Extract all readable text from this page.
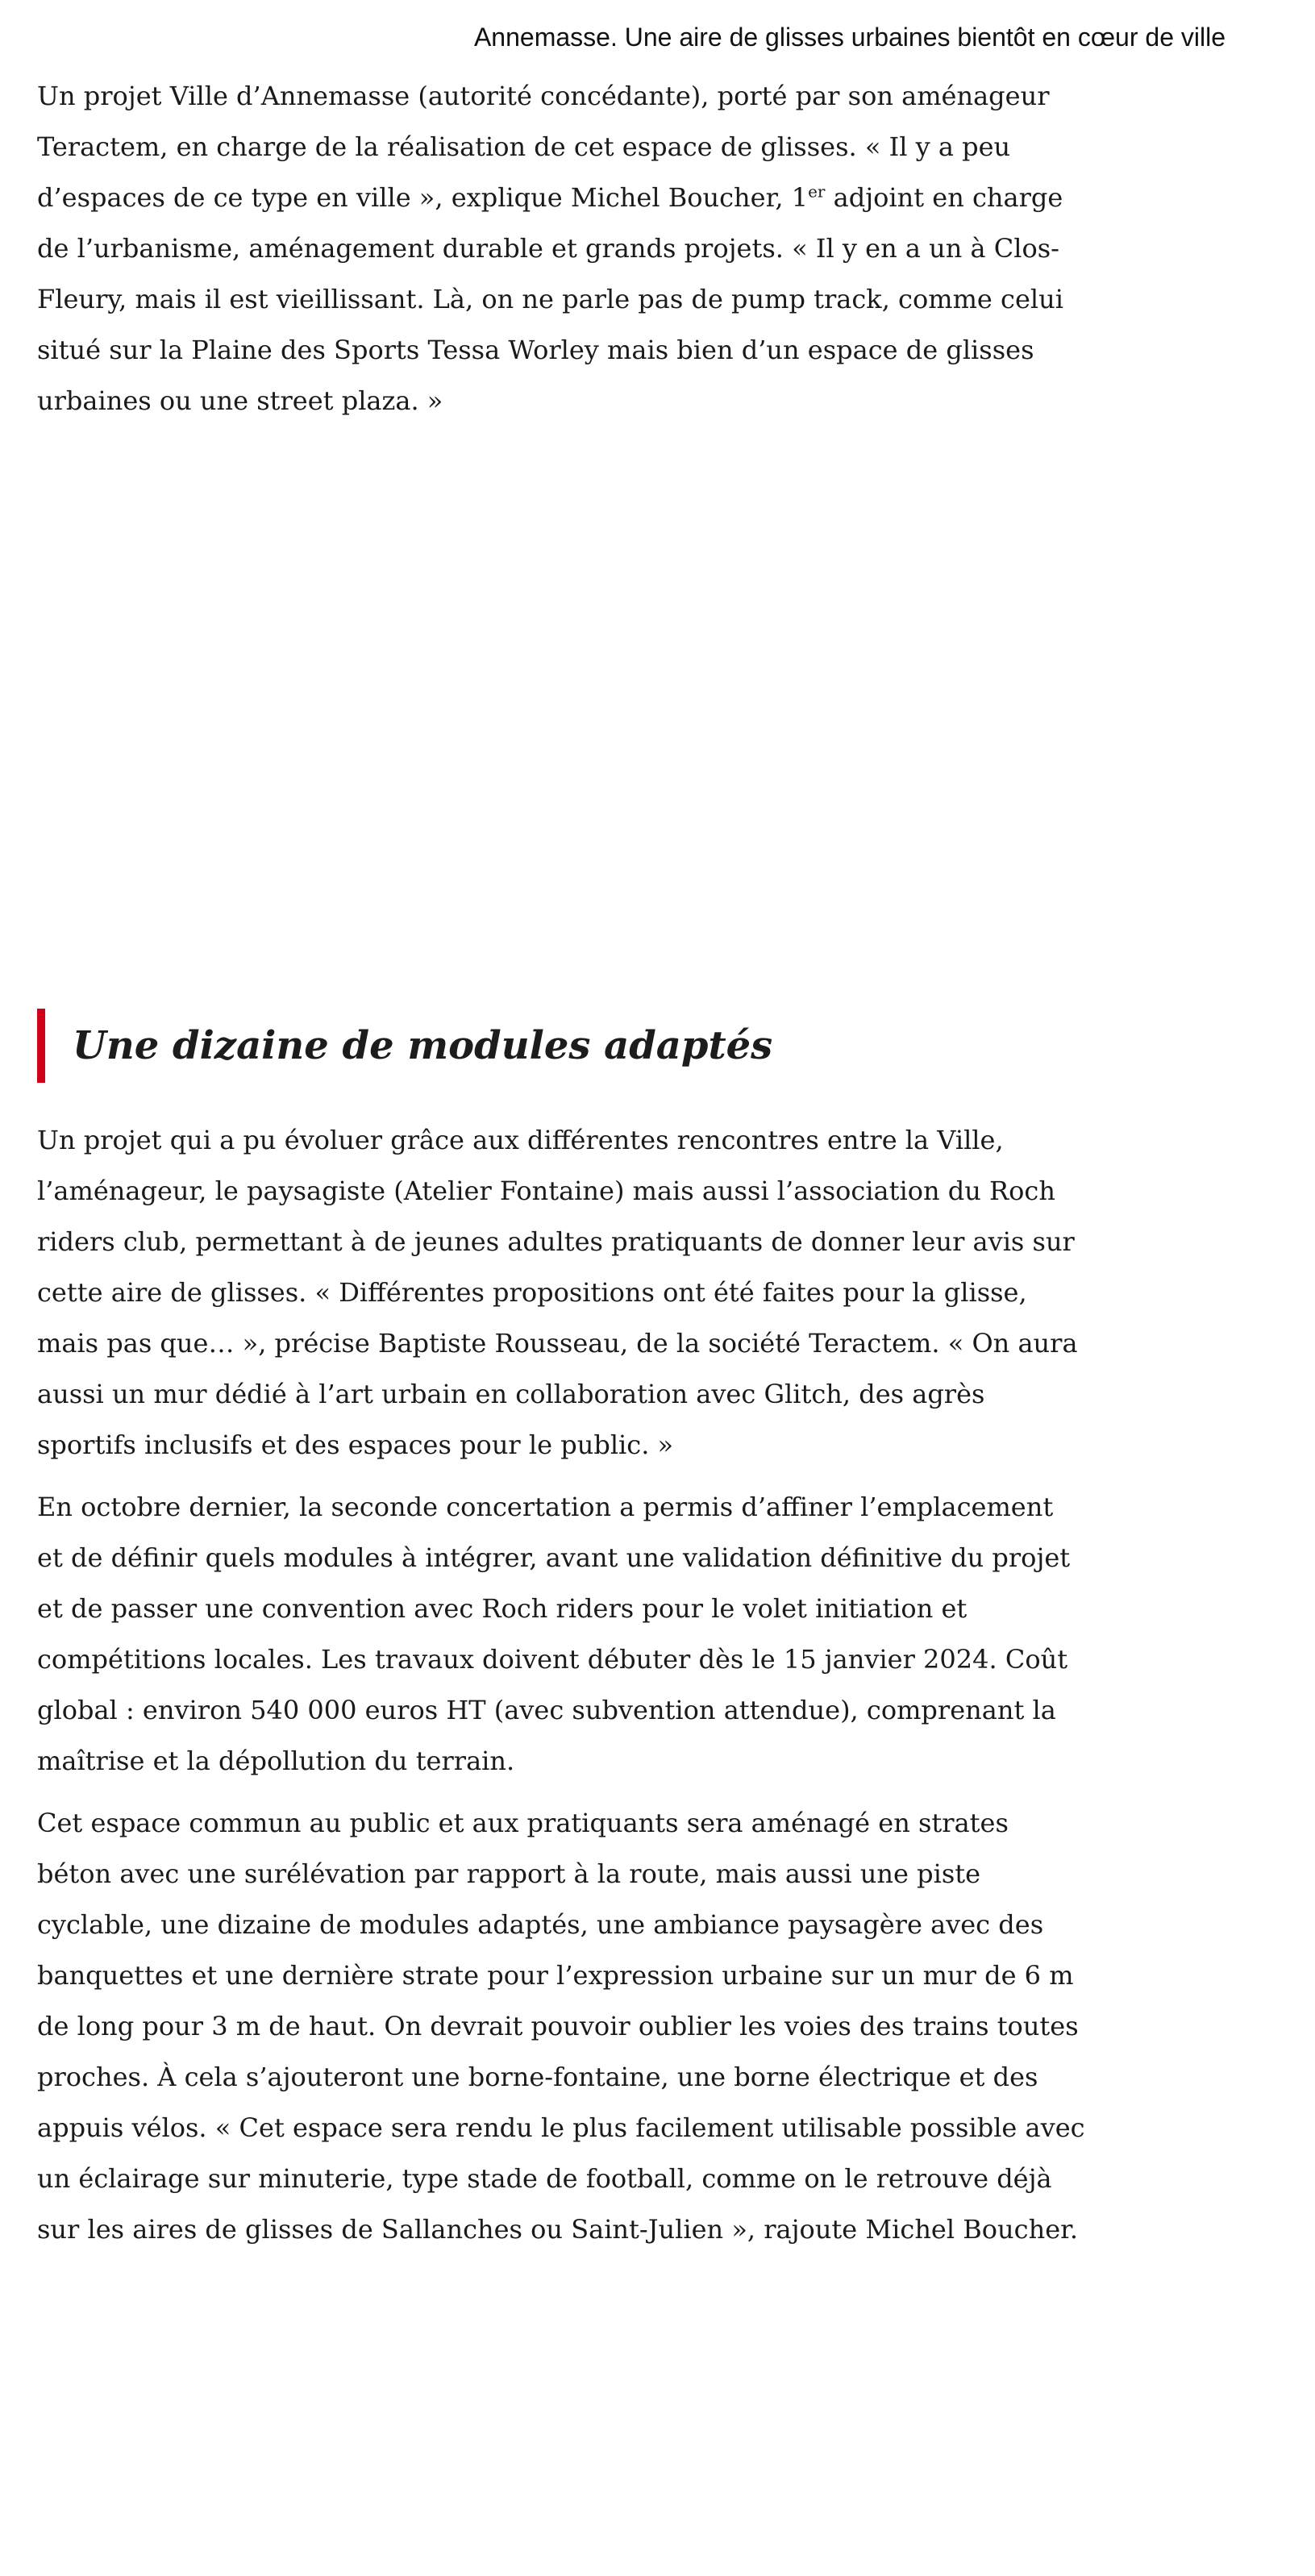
Annemasse. Une aire de glisses urbaines bientôt en cœur de ville

Un projet Ville d’Annemasse (autorité concédante), porté par son aménageur Teractem, en charge de la réalisation de cet espace de glisses. « Il y a peu d’espaces de ce type en ville », explique Michel Boucher, 1er adjoint en charge de l’urbanisme, aménagement durable et grands projets. « Il y en a un à Clos-Fleury, mais il est vieillissant. Là, on ne parle pas de pump track, comme celui situé sur la Plaine des Sports Tessa Worley mais bien d’un espace de glisses urbaines ou une street plaza. »

Une dizaine de modules adaptés

Un projet qui a pu évoluer grâce aux différentes rencontres entre la Ville, l’aménageur, le paysagiste (Atelier Fontaine) mais aussi l’association du Roch riders club, permettant à de jeunes adultes pratiquants de donner leur avis sur cette aire de glisses. « Différentes propositions ont été faites pour la glisse, mais pas que… », précise Baptiste Rousseau, de la société Teractem. « On aura aussi un mur dédié à l’art urbain en collaboration avec Glitch, des agrès sportifs inclusifs et des espaces pour le public. »

En octobre dernier, la seconde concertation a permis d’affiner l’emplacement et de définir quels modules à intégrer, avant une validation définitive du projet et de passer une convention avec Roch riders pour le volet initiation et compétitions locales. Les travaux doivent débuter dès le 15 janvier 2024. Coût global : environ 540 000 euros HT (avec subvention attendue), comprenant la maîtrise et la dépollution du terrain.

Cet espace commun au public et aux pratiquants sera aménagé en strates béton avec une surélévation par rapport à la route, mais aussi une piste cyclable, une dizaine de modules adaptés, une ambiance paysagère avec des banquettes et une dernière strate pour l’expression urbaine sur un mur de 6 m de long pour 3 m de haut. On devrait pouvoir oublier les voies des trains toutes proches. À cela s’ajouteront une borne-fontaine, une borne électrique et des appuis vélos. « Cet espace sera rendu le plus facilement utilisable possible avec un éclairage sur minuterie, type stade de football, comme on le retrouve déjà sur les aires de glisses de Sallanches ou Saint-Julien », rajoute Michel Boucher.
